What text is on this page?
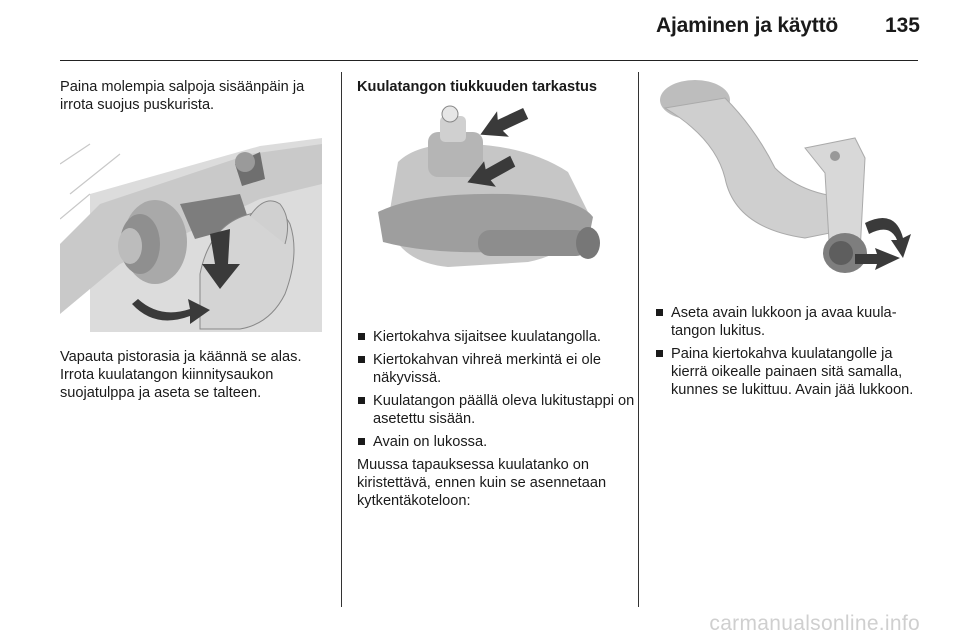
Ajaminen ja käyttö	135

Paina molempia salpoja sisäänpäin ja irrota suojus puskurista.

Vapauta pistorasia ja käännä se alas. Irrota kuulatangon kiinnitysaukon suojatulppa ja aseta se talteen.

Kuulatangon tiukkuuden tarkastus

Kiertokahva sijaitsee kuulatangolla.
Kiertokahvan vihreä merkintä ei ole näkyvissä.
Kuulatangon päällä oleva lukitustappi on asetettu sisään.
Avain on lukossa.

Muussa tapauksessa kuulatanko on kiristettävä, ennen kuin se asennetaan kytkentäkoteloon:

Aseta avain lukkoon ja avaa kuulatangon lukitus.
Paina kiertokahva kuulatangolle ja kierrä oikealle painaen sitä samalla, kunnes se lukittuu. Avain jää lukkoon.
carmanualsonline.info
